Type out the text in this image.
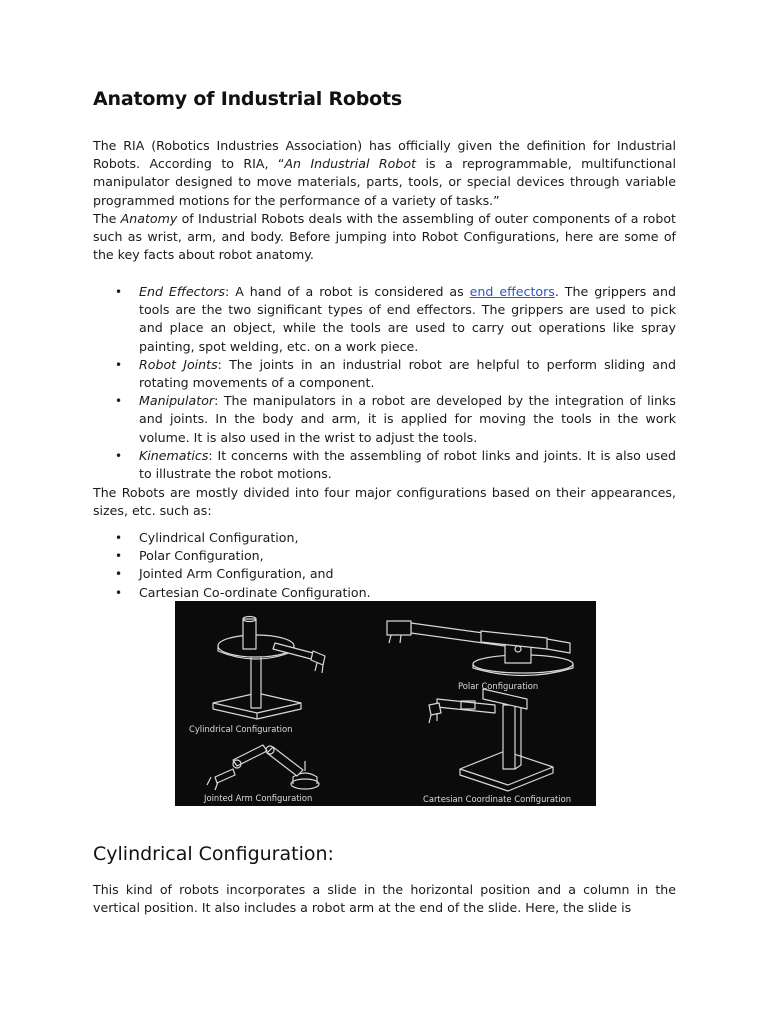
Anatomy of Industrial Robots

The RIA (Robotics Industries Association) has officially given the definition for Industrial Robots. According to RIA, “An Industrial Robot is a reprogrammable, multifunctional manipulator designed to move materials, parts, tools, or special devices through variable programmed motions for the performance of a variety of tasks.”
The Anatomy of Industrial Robots deals with the assembling of outer components of a robot such as wrist, arm, and body. Before jumping into Robot Configurations, here are some of the key facts about robot anatomy.

• End Effectors: A hand of a robot is considered as end effectors. The grippers and tools are the two significant types of end effectors. The grippers are used to pick and place an object, while the tools are used to carry out operations like spray painting, spot welding, etc. on a work piece.
• Robot Joints: The joints in an industrial robot are helpful to perform sliding and rotating movements of a component.
• Manipulator: The manipulators in a robot are developed by the integration of links and joints. In the body and arm, it is applied for moving the tools in the work volume. It is also used in the wrist to adjust the tools.
• Kinematics: It concerns with the assembling of robot links and joints. It is also used to illustrate the robot motions.

The Robots are mostly divided into four major configurations based on their appearances, sizes, etc. such as:

• Cylindrical Configuration,
• Polar Configuration,
• Jointed Arm Configuration, and
• Cartesian Co-ordinate Configuration.
Cylindrical Configuration
Polar Configuration
Jointed Arm Configuration	Cartesian Coordinate Configuration
Cylindrical Configuration:

This kind of robots incorporates a slide in the horizontal position and a column in the vertical position. It also includes a robot arm at the end of the slide. Here, the slide is
